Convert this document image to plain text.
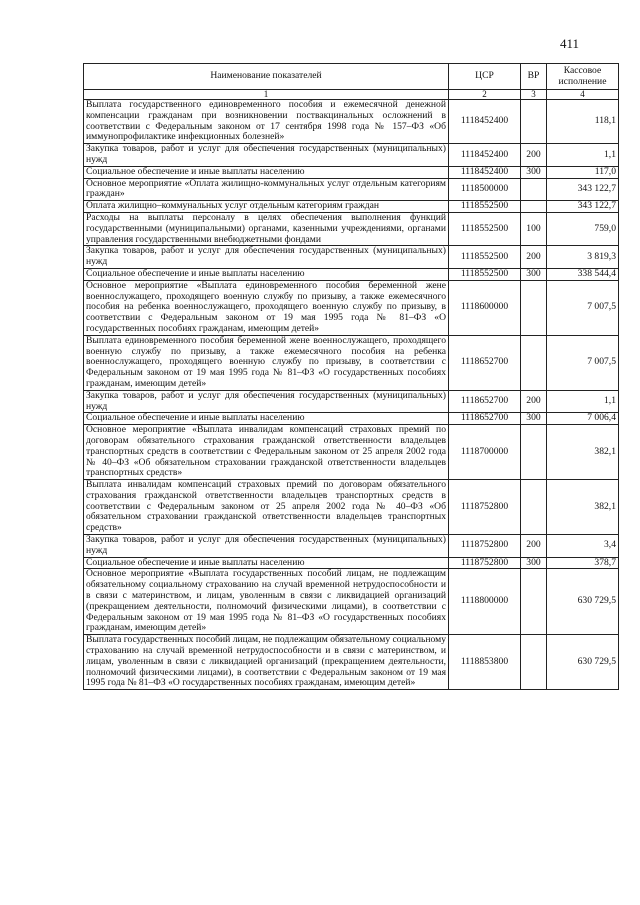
411
Наименование показателей	ЦСР	ВР	Кассовое исполнение
1	2	3	4
Выплата государственного единовременного пособия и ежемесячной денежной компенсации гражданам при возникновении поствакцинальных осложнений в соответствии с Федеральным законом от 17 сентября 1998 года № 157–ФЗ «Об иммунопрофилактике инфекционных болезней»	1118452400		118,1
Закупка товаров, работ и услуг для обеспечения государственных (муниципальных) нужд	1118452400	200	1,1
Социальное обеспечение и иные выплаты населению	1118452400	300	117,0
Основное мероприятие «Оплата жилищно-коммунальных услуг отдельным категориям граждан»	1118500000		343 122,7
Оплата жилищно–коммунальных услуг отдельным категориям граждан	1118552500		343 122,7
Расходы на выплаты персоналу в целях обеспечения выполнения функций государственными (муниципальными) органами, казенными учреждениями, органами управления государственными внебюджетными фондами	1118552500	100	759,0
Закупка товаров, работ и услуг для обеспечения государственных (муниципальных) нужд	1118552500	200	3 819,3
Социальное обеспечение и иные выплаты населению	1118552500	300	338 544,4
Основное мероприятие «Выплата единовременного пособия беременной жене военнослужащего, проходящего военную службу по призыву, а также ежемесячного пособия на ребенка военнослужащего, проходящего военную службу по призыву, в соответствии с Федеральным законом от 19 мая 1995 года № 81–ФЗ «О государственных пособиях гражданам, имеющим детей»	1118600000		7 007,5
Выплата единовременного пособия беременной жене военнослужащего, проходящего военную службу по призыву, а также ежемесячного пособия на ребенка военнослужащего, проходящего военную службу по призыву, в соответствии с Федеральным законом от 19 мая 1995 года № 81–ФЗ «О государственных пособиях гражданам, имеющим детей»	1118652700		7 007,5
Закупка товаров, работ и услуг для обеспечения государственных (муниципальных) нужд	1118652700	200	1,1
Социальное обеспечение и иные выплаты населению	1118652700	300	7 006,4
Основное мероприятие «Выплата инвалидам компенсаций страховых премий по договорам обязательного страхования гражданской ответственности владельцев транспортных средств в соответствии с Федеральным законом от 25 апреля 2002 года № 40–ФЗ «Об обязательном страховании гражданской ответственности владельцев транспортных средств»	1118700000		382,1
Выплата инвалидам компенсаций страховых премий по договорам обязательного страхования гражданской ответственности владельцев транспортных средств в соответствии с Федеральным законом от 25 апреля 2002 года № 40–ФЗ «Об обязательном страховании гражданской ответственности владельцев транспортных средств»	1118752800		382,1
Закупка товаров, работ и услуг для обеспечения государственных (муниципальных) нужд	1118752800	200	3,4
Социальное обеспечение и иные выплаты населению	1118752800	300	378,7
Основное мероприятие «Выплата государственных пособий лицам, не подлежащим обязательному социальному страхованию на случай временной нетрудоспособности и в связи с материнством, и лицам, уволенным в связи с ликвидацией организаций (прекращением деятельности, полномочий физическими лицами), в соответствии с Федеральным законом от 19 мая 1995 года № 81–ФЗ «О государственных пособиях гражданам, имеющим детей»	1118800000		630 729,5
Выплата государственных пособий лицам, не подлежащим обязательному социальному страхованию на случай временной нетрудоспособности и в связи с материнством, и лицам, уволенным в связи с ликвидацией организаций (прекращением деятельности, полномочий физическими лицами), в соответствии с Федеральным законом от 19 мая 1995 года № 81–ФЗ «О государственных пособиях гражданам, имеющим детей»	1118853800		630 729,5
